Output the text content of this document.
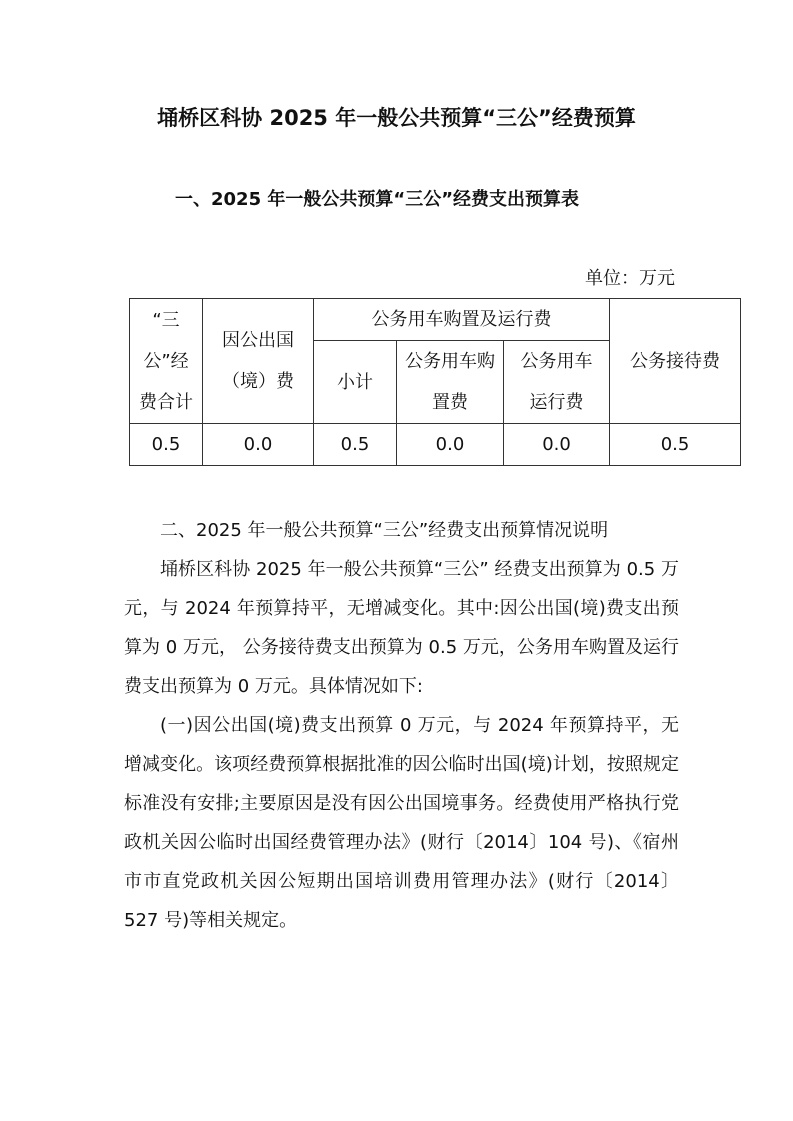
埇桥区科协 2025 年一般公共预算“三公”经费预算
一、2025 年一般公共预算“三公”经费支出预算表
单位：万元
“三公”经费合计	因公出国（境）费	公务用车购置及运行费			公务接待费
		小计	公务用车购置费	公务用车运行费	
0.5	0.0	0.5	0.0	0.0	0.5

二、2025 年一般公共预算“三公”经费支出预算情况说明

埇桥区科协 2025 年一般公共预算“三公” 经费支出预算为 0.5 万元，与 2024 年预算持平，无增减变化。其中:因公出国(境)费支出预算为 0 万元， 公务接待费支出预算为 0.5 万元，公务用车购置及运行费支出预算为 0 万元。具体情况如下:

(一)因公出国(境)费支出预算 0 万元，与 2024 年预算持平，无增减变化。该项经费预算根据批准的因公临时出国(境)计划，按照规定标准没有安排;主要原因是没有因公出国境事务。经费使用严格执行党政机关因公临时出国经费管理办法》(财行〔2014〕104 号)、《宿州市市直党政机关因公短期出国培训费用管理办法》(财行〔2014〕527 号)等相关规定。
